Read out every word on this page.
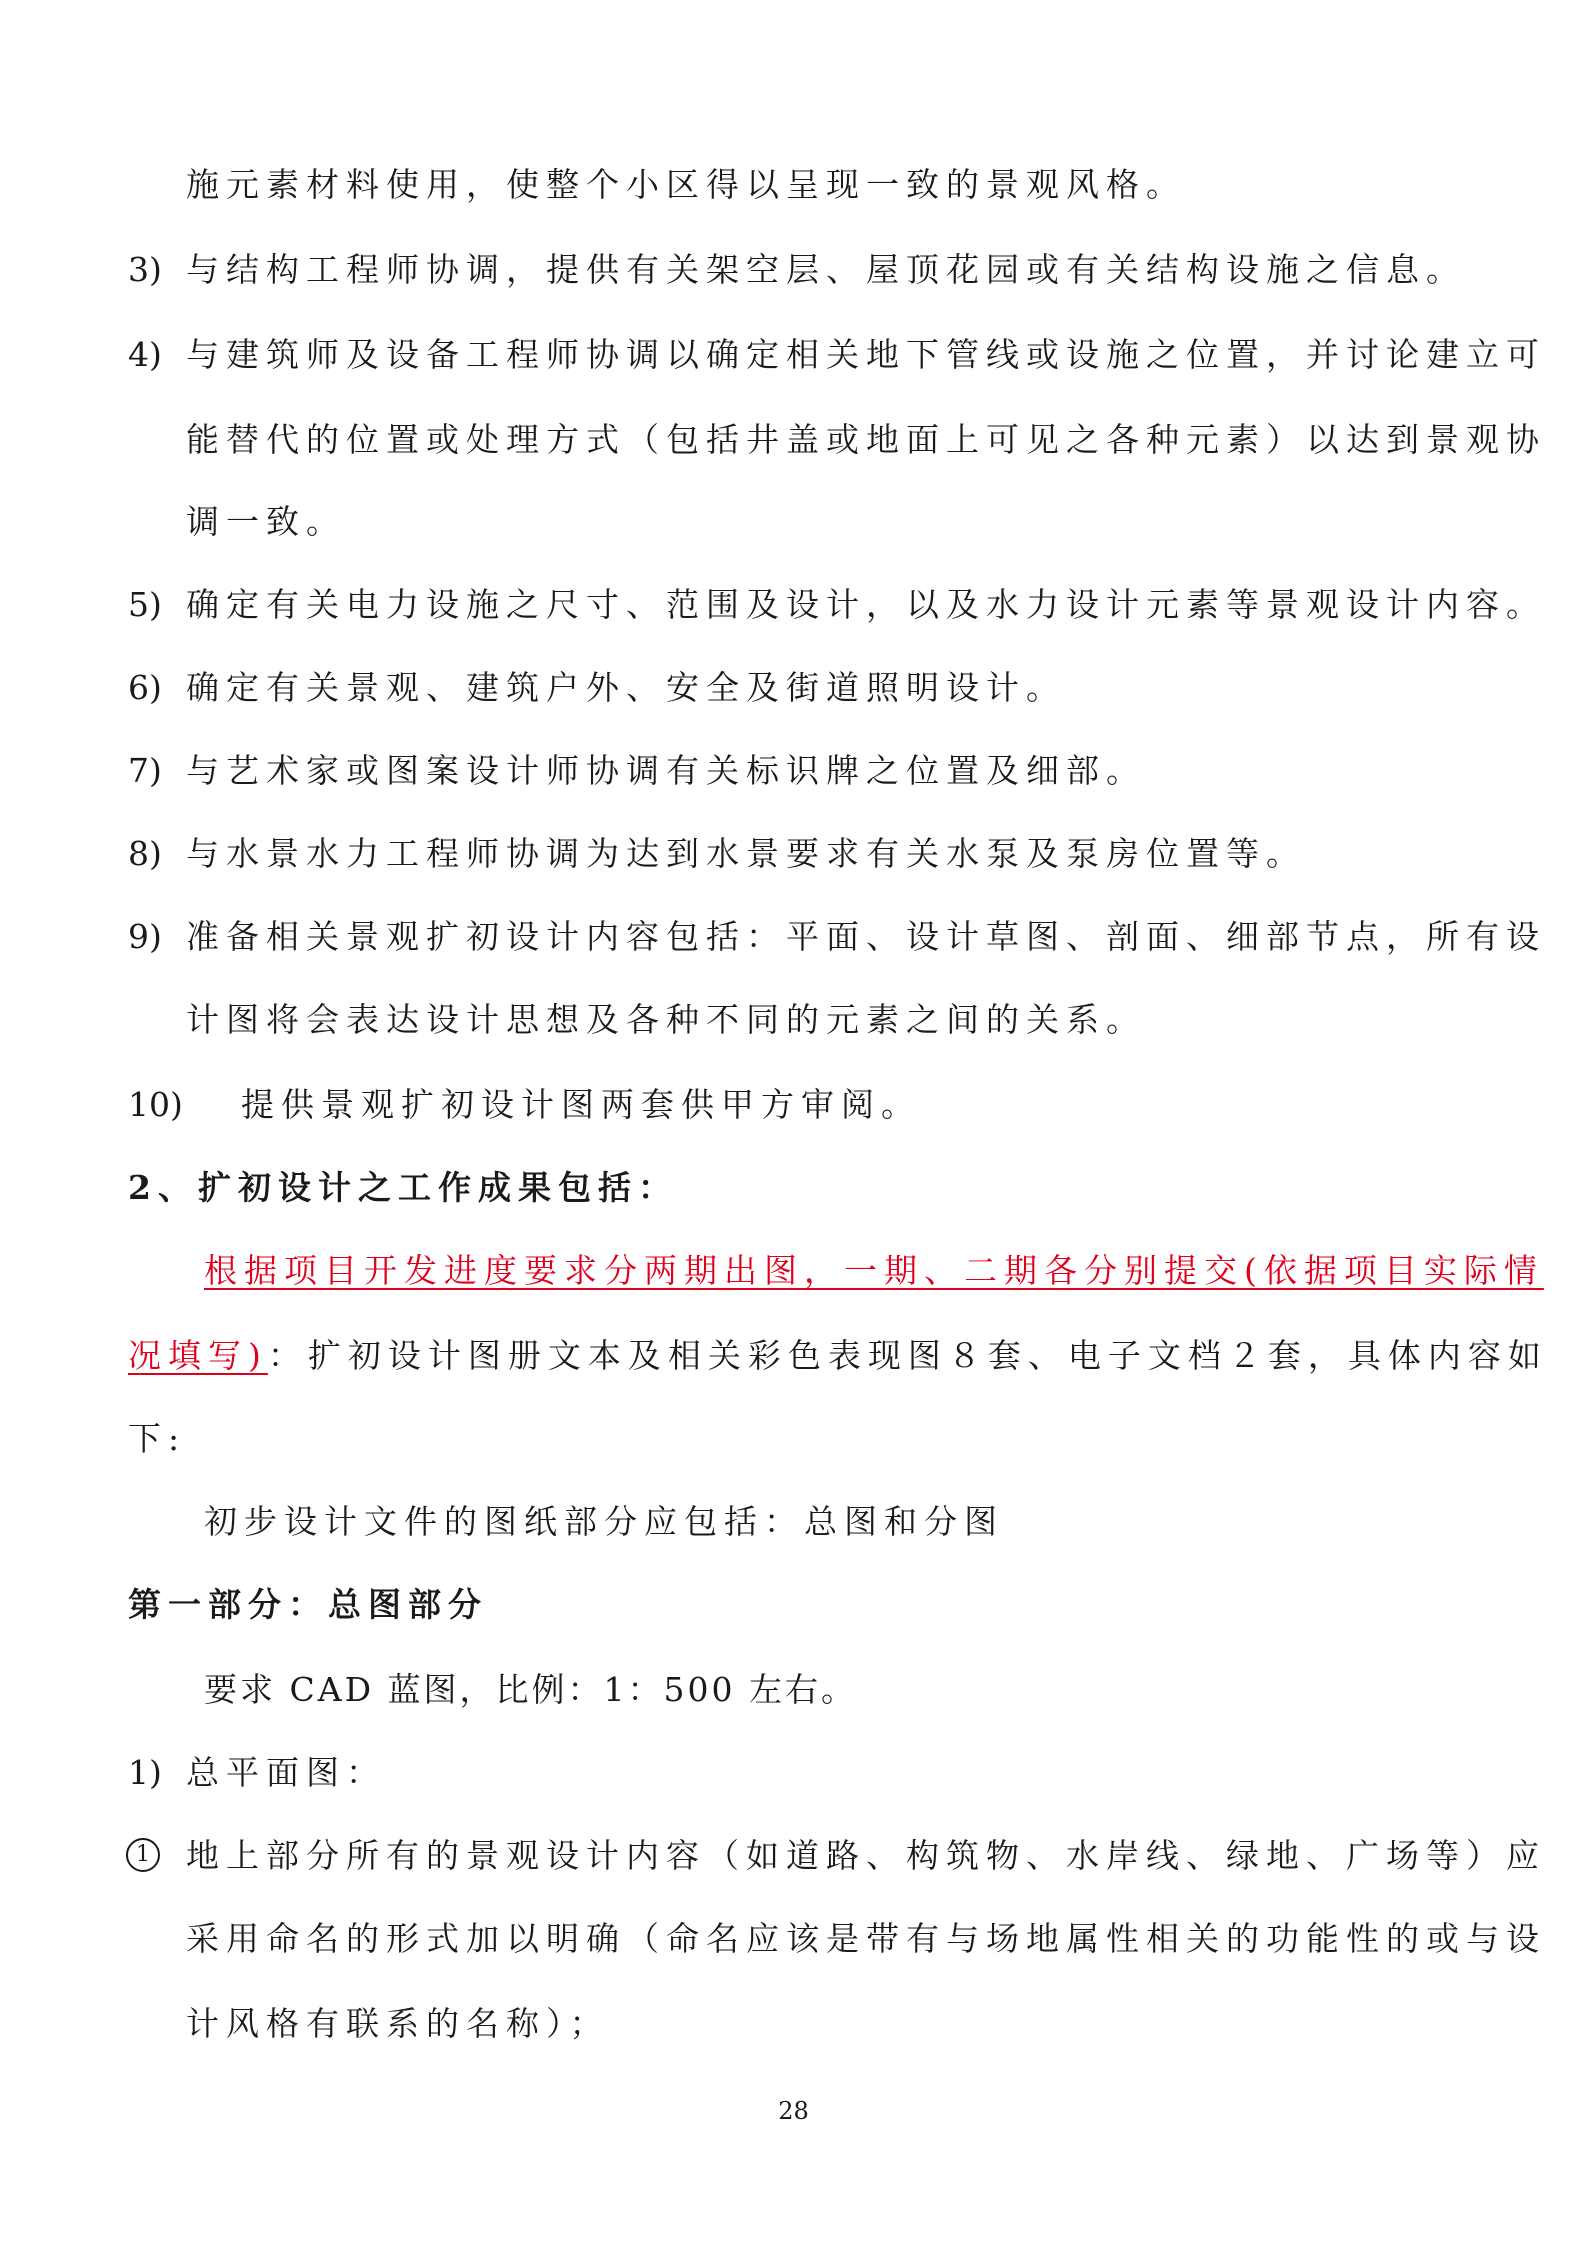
施元素材料使用，使整个小区得以呈现一致的景观风格。
3) 与结构工程师协调，提供有关架空层、屋顶花园或有关结构设施之信息。
4) 与建筑师及设备工程师协调以确定相关地下管线或设施之位置，并讨论建立可
能替代的位置或处理方式（包括井盖或地面上可见之各种元素）以达到景观协
调一致。
5) 确定有关电力设施之尺寸、范围及设计，以及水力设计元素等景观设计内容。
6) 确定有关景观、建筑户外、安全及街道照明设计。
7) 与艺术家或图案设计师协调有关标识牌之位置及细部。
8) 与水景水力工程师协调为达到水景要求有关水泵及泵房位置等。
9) 准备相关景观扩初设计内容包括：平面、设计草图、剖面、细部节点，所有设
计图将会表达设计思想及各种不同的元素之间的关系。
10) 提供景观扩初设计图两套供甲方审阅。
2、扩初设计之工作成果包括：
根据项目开发进度要求分两期出图，一期、二期各分别提交(依据项目实际情
况填写)：扩初设计图册文本及相关彩色表现图８套、电子文档２套，具体内容如
下:
初步设计文件的图纸部分应包括：总图和分图
第一部分：总图部分
要求 CAD 蓝图，比例：1：500 左右。
1) 总平面图：
1	地上部分所有的景观设计内容（如道路、构筑物、水岸线、绿地、广场等）应
采用命名的形式加以明确（命名应该是带有与场地属性相关的功能性的或与设
计风格有联系的名称）；
28
